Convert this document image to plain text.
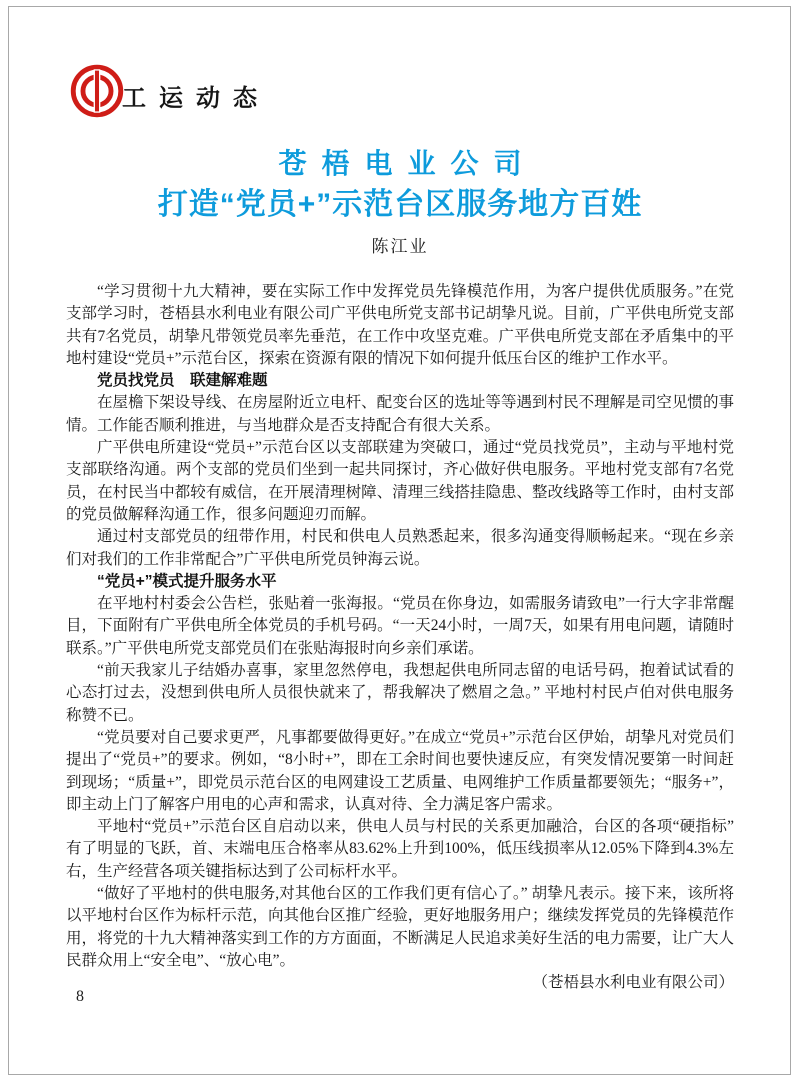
工运动态
苍梧电业公司
打造“党员+”示范台区服务地方百姓
陈江业

“学习贯彻十九大精神，要在实际工作中发挥党员先锋模范作用，为客户提供优质服务。”在党支部学习时，苍梧县水利电业有限公司广平供电所党支部书记胡挚凡说。目前，广平供电所党支部共有7名党员，胡挚凡带领党员率先垂范，在工作中攻坚克难。广平供电所党支部在矛盾集中的平地村建设“党员+”示范台区，探索在资源有限的情况下如何提升低压台区的维护工作水平。

党员找党员　联建解难题

在屋檐下架设导线、在房屋附近立电杆、配变台区的选址等等遇到村民不理解是司空见惯的事情。工作能否顺利推进，与当地群众是否支持配合有很大关系。

广平供电所建设“党员+”示范台区以支部联建为突破口，通过“党员找党员”，主动与平地村党支部联络沟通。两个支部的党员们坐到一起共同探讨，齐心做好供电服务。平地村党支部有7名党员，在村民当中都较有威信，在开展清理树障、清理三线搭挂隐患、整改线路等工作时，由村支部的党员做解释沟通工作，很多问题迎刃而解。

通过村支部党员的纽带作用，村民和供电人员熟悉起来，很多沟通变得顺畅起来。“现在乡亲们对我们的工作非常配合”广平供电所党员钟海云说。

“党员+”模式提升服务水平

在平地村村委会公告栏，张贴着一张海报。“党员在你身边，如需服务请致电”一行大字非常醒目，下面附有广平供电所全体党员的手机号码。“一天24小时，一周7天，如果有用电问题，请随时联系。”广平供电所党支部党员们在张贴海报时向乡亲们承诺。

“前天我家儿子结婚办喜事，家里忽然停电，我想起供电所同志留的电话号码，抱着试试看的心态打过去，没想到供电所人员很快就来了，帮我解决了燃眉之急。” 平地村村民卢伯对供电服务称赞不已。

“党员要对自己要求更严，凡事都要做得更好。”在成立“党员+”示范台区伊始，胡挚凡对党员们提出了“党员+”的要求。例如，“8小时+”，即在工余时间也要快速反应，有突发情况要第一时间赶到现场；“质量+”，即党员示范台区的电网建设工艺质量、电网维护工作质量都要领先；“服务+”，即主动上门了解客户用电的心声和需求，认真对待、全力满足客户需求。

平地村“党员+”示范台区自启动以来，供电人员与村民的关系更加融洽，台区的各项“硬指标”有了明显的飞跃，首、末端电压合格率从83.62%上升到100%，低压线损率从12.05%下降到4.3%左右，生产经营各项关键指标达到了公司标杆水平。

“做好了平地村的供电服务,对其他台区的工作我们更有信心了。” 胡挚凡表示。接下来，该所将以平地村台区作为标杆示范，向其他台区推广经验，更好地服务用户；继续发挥党员的先锋模范作用，将党的十九大精神落实到工作的方方面面，不断满足人民追求美好生活的电力需要，让广大人民群众用上“安全电”、“放心电”。

（苍梧县水利电业有限公司）

8
